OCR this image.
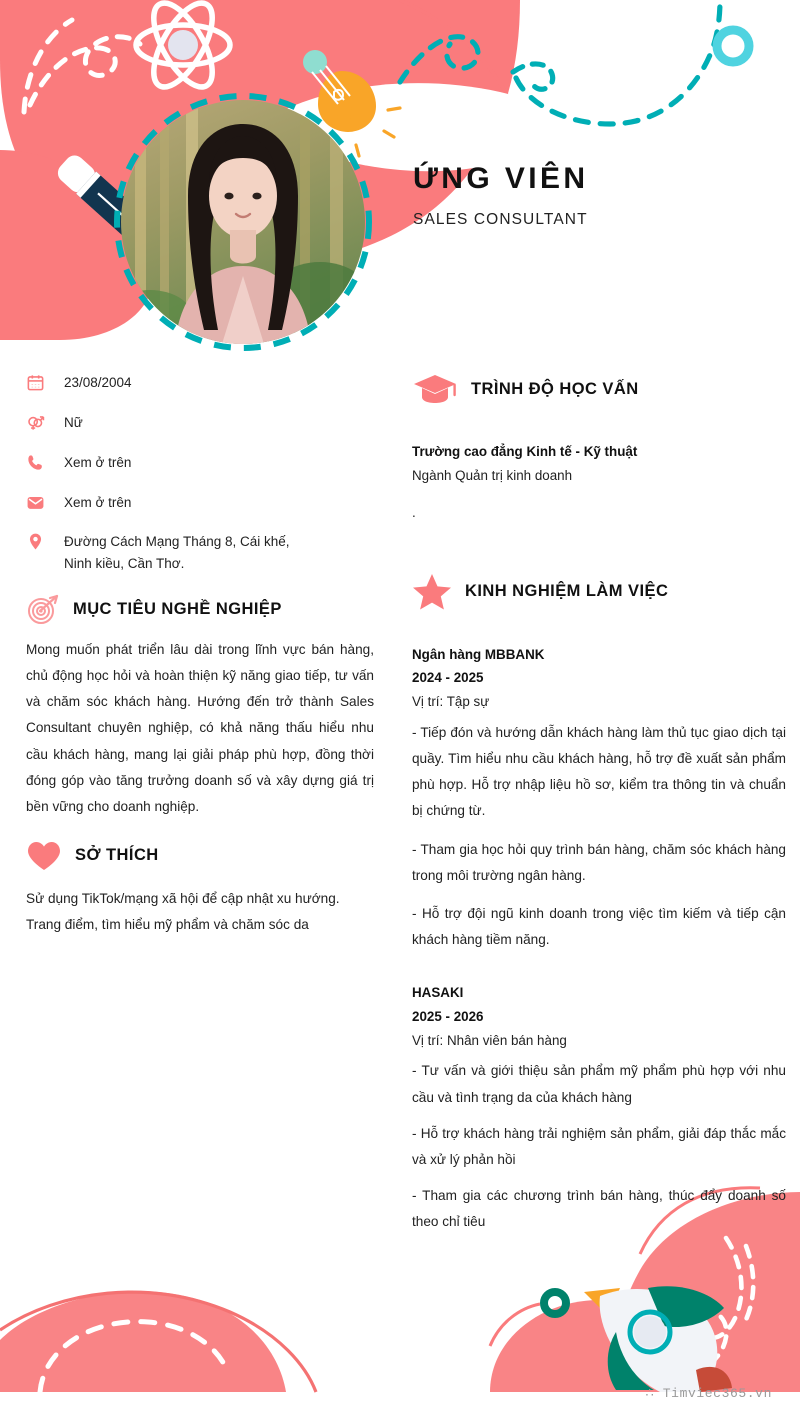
ỨNG VIÊN
SALES CONSULTANT
23/08/2004
Nữ
Xem ở trên
Xem ở trên
Đường Cách Mạng Tháng 8, Cái khế, Ninh kiều, Cần Thơ.
MỤC TIÊU NGHỀ NGHIỆP
Mong muốn phát triển lâu dài trong lĩnh vực bán hàng, chủ động học hỏi và hoàn thiện kỹ năng giao tiếp, tư vấn và chăm sóc khách hàng. Hướng đến trở thành Sales Consultant chuyên nghiệp, có khả năng thấu hiểu nhu cầu khách hàng, mang lại giải pháp phù hợp, đồng thời đóng góp vào tăng trưởng doanh số và xây dựng giá trị bền vững cho doanh nghiệp.
SỞ THÍCH
Sử dụng TikTok/mạng xã hội để cập nhật xu hướng.
Trang điểm, tìm hiểu mỹ phẩm và chăm sóc da
TRÌNH ĐỘ HỌC VẤN
Trường cao đẳng Kinh tế - Kỹ thuật
Ngành Quản trị kinh doanh
.
KINH NGHIỆM LÀM VIỆC
Ngân hàng MBBANK
2024 - 2025
Vị trí: Tập sự
- Tiếp đón và hướng dẫn khách hàng làm thủ tục giao dịch tại quầy. Tìm hiểu nhu cầu khách hàng, hỗ trợ đề xuất sản phẩm phù hợp. Hỗ trợ nhập liệu hồ sơ, kiểm tra thông tin và chuẩn bị chứng từ.
- Tham gia học hỏi quy trình bán hàng, chăm sóc khách hàng trong môi trường ngân hàng.
- Hỗ trợ đội ngũ kinh doanh trong việc tìm kiếm và tiếp cận khách hàng tiềm năng.
HASAKI
2025 - 2026
Vị trí: Nhân viên bán hàng
- Tư vấn và giới thiệu sản phẩm mỹ phẩm phù hợp với nhu cầu và tình trạng da của khách hàng
- Hỗ trợ khách hàng trải nghiệm sản phẩm, giải đáp thắc mắc và xử lý phản hồi
- Tham gia các chương trình bán hàng, thúc đẩy doanh số theo chỉ tiêu
∴ Timviec365.vn
